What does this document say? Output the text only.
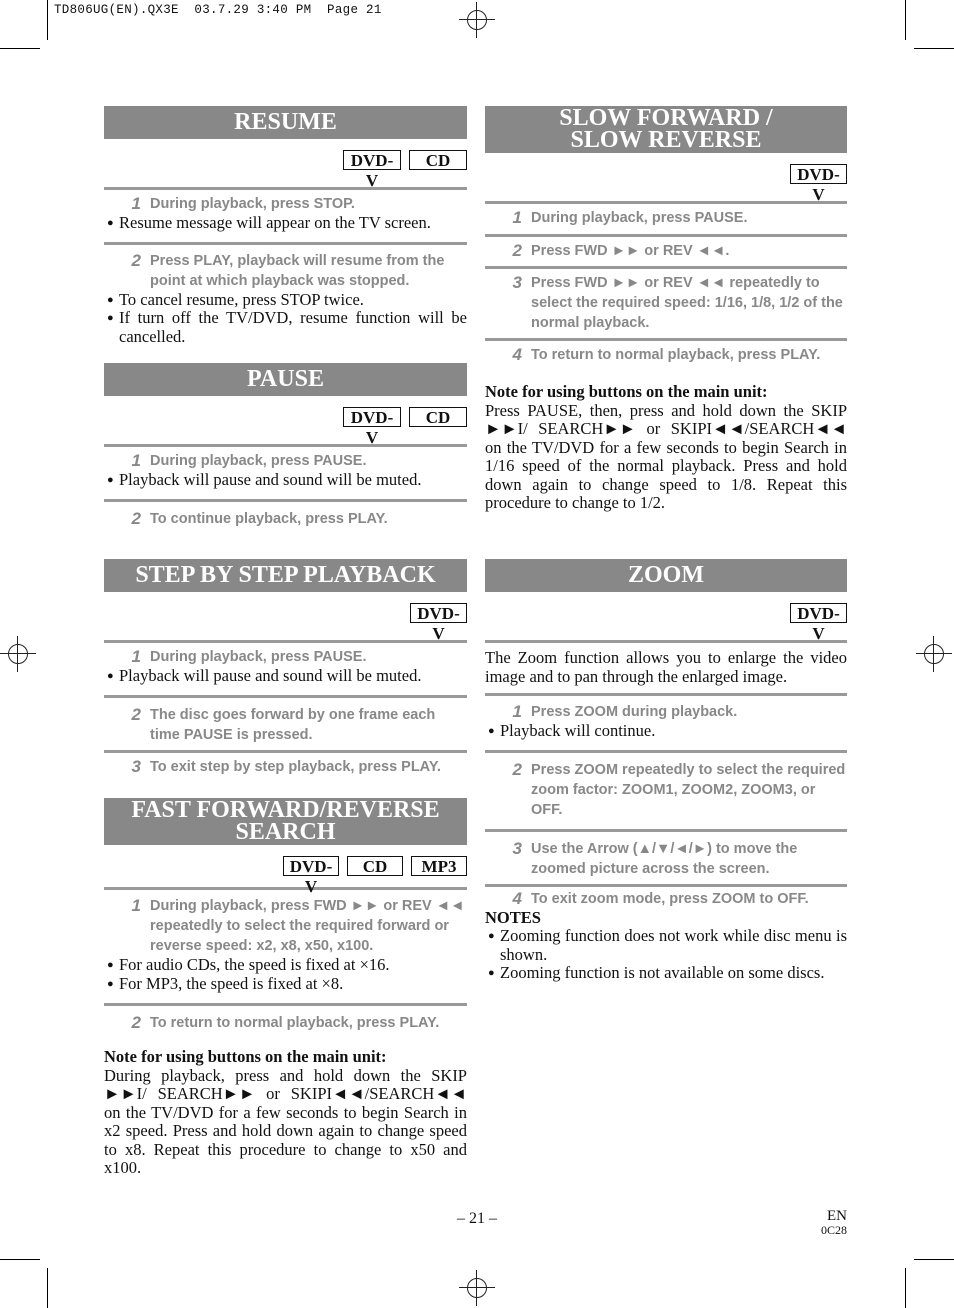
TD806UG(EN).QX3E  03.7.29 3:40 PM  Page 21
RESUME
DVD-V
CD
1 During playback, press STOP.
● Resume message will appear on the TV screen.
2 Press PLAY, playback will resume from the point at which playback was stopped.
● To cancel resume, press STOP twice.
● If turn off the TV/DVD, resume function will be cancelled.
PAUSE
DVD-V
CD
1 During playback, press PAUSE.
● Playback will pause and sound will be muted.
2 To continue playback, press PLAY.
STEP BY STEP PLAYBACK
DVD-V
1 During playback, press PAUSE.
● Playback will pause and sound will be muted.
2 The disc goes forward by one frame each time PAUSE is pressed.
3 To exit step by step playback, press PLAY.
FAST FORWARD/REVERSE
SEARCH
DVD-V
CD	MP3
1 During playback, press FWD ►► or REV ◄◄ repeatedly to select the required forward or reverse speed: x2, x8, x50, x100.
● For audio CDs, the speed is fixed at ×16.
● For MP3, the speed is fixed at ×8.
2 To return to normal playback, press PLAY.
Note for using buttons on the main unit:
During playback, press and hold down the SKIP ►►I/ SEARCH►► or SKIPI◄◄/SEARCH◄◄ on the TV/DVD for a few seconds to begin Search in x2 speed. Press and hold down again to change speed to x8. Repeat this procedure to change to x50 and x100.
SLOW FORWARD /
SLOW REVERSE
DVD-V
1 During playback, press PAUSE.
2 Press FWD ►► or REV ◄◄.
3 Press FWD ►► or REV ◄◄ repeatedly to select the required speed: 1/16, 1/8, 1/2 of the normal playback.
4 To return to normal playback, press PLAY.
Note for using buttons on the main unit:
Press PAUSE, then, press and hold down the SKIP ►►I/ SEARCH►► or SKIPI◄◄/SEARCH◄◄ on the TV/DVD for a few seconds to begin Search in 1/16 speed of the normal playback. Press and hold down again to change speed to 1/8. Repeat this procedure to change to 1/2.
ZOOM
DVD-V
The Zoom function allows you to enlarge the video image and to pan through the enlarged image.
1 Press ZOOM during playback.
● Playback will continue.
2 Press ZOOM repeatedly to select the required zoom factor: ZOOM1, ZOOM2, ZOOM3, or OFF.
3 Use the Arrow (▲/▼/◄/►) to move the zoomed picture across the screen.
4 To exit zoom mode, press ZOOM to OFF.
NOTES
● Zooming function does not work while disc menu is shown.
● Zooming function is not available on some discs.
– 21 –	EN
0C28
